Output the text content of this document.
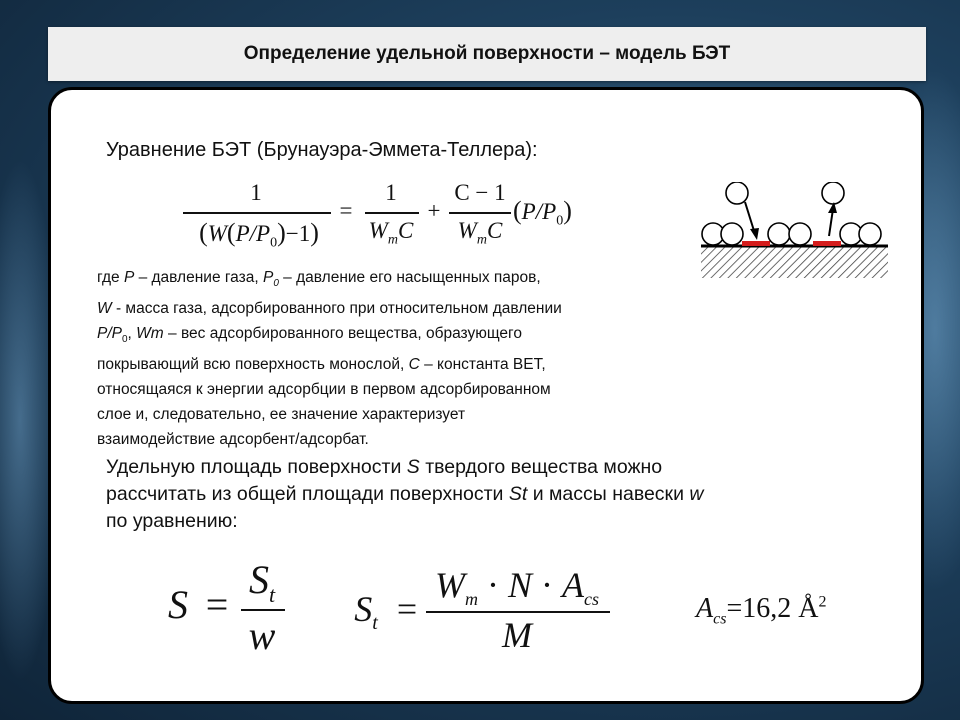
Определение удельной поверхности – модель БЭТ
Уравнение БЭТ (Брунауэра-Эммета-Теллера):
1
$(W(P/P_0)-1)$
=
1
$W_mC$
+
C − 1
$W_mC$
$(P/P_0)$
где P – давление газа, $P_0$ – давление его насыщенных паров,
W - масса газа, адсорбированного при относительном давлении
$P/P_0$, Wm – вес адсорбированного вещества, образующего
покрывающий всю поверхность монослой, C – константа BET,
относящаяся к энергии адсорбции в первом адсорбированном
слое и, следовательно, ее значение характеризует
взаимодействие адсорбент/адсорбат.
Удельную площадь поверхности S твердого вещества можно
рассчитать из общей площади поверхности St и массы навески w
по уравнению:
S =
$S_t$
w
$S_t$ =
$W_m \cdot N \cdot A_{cs}$
M
$A_{cs}=16,2$ $Å^2$
